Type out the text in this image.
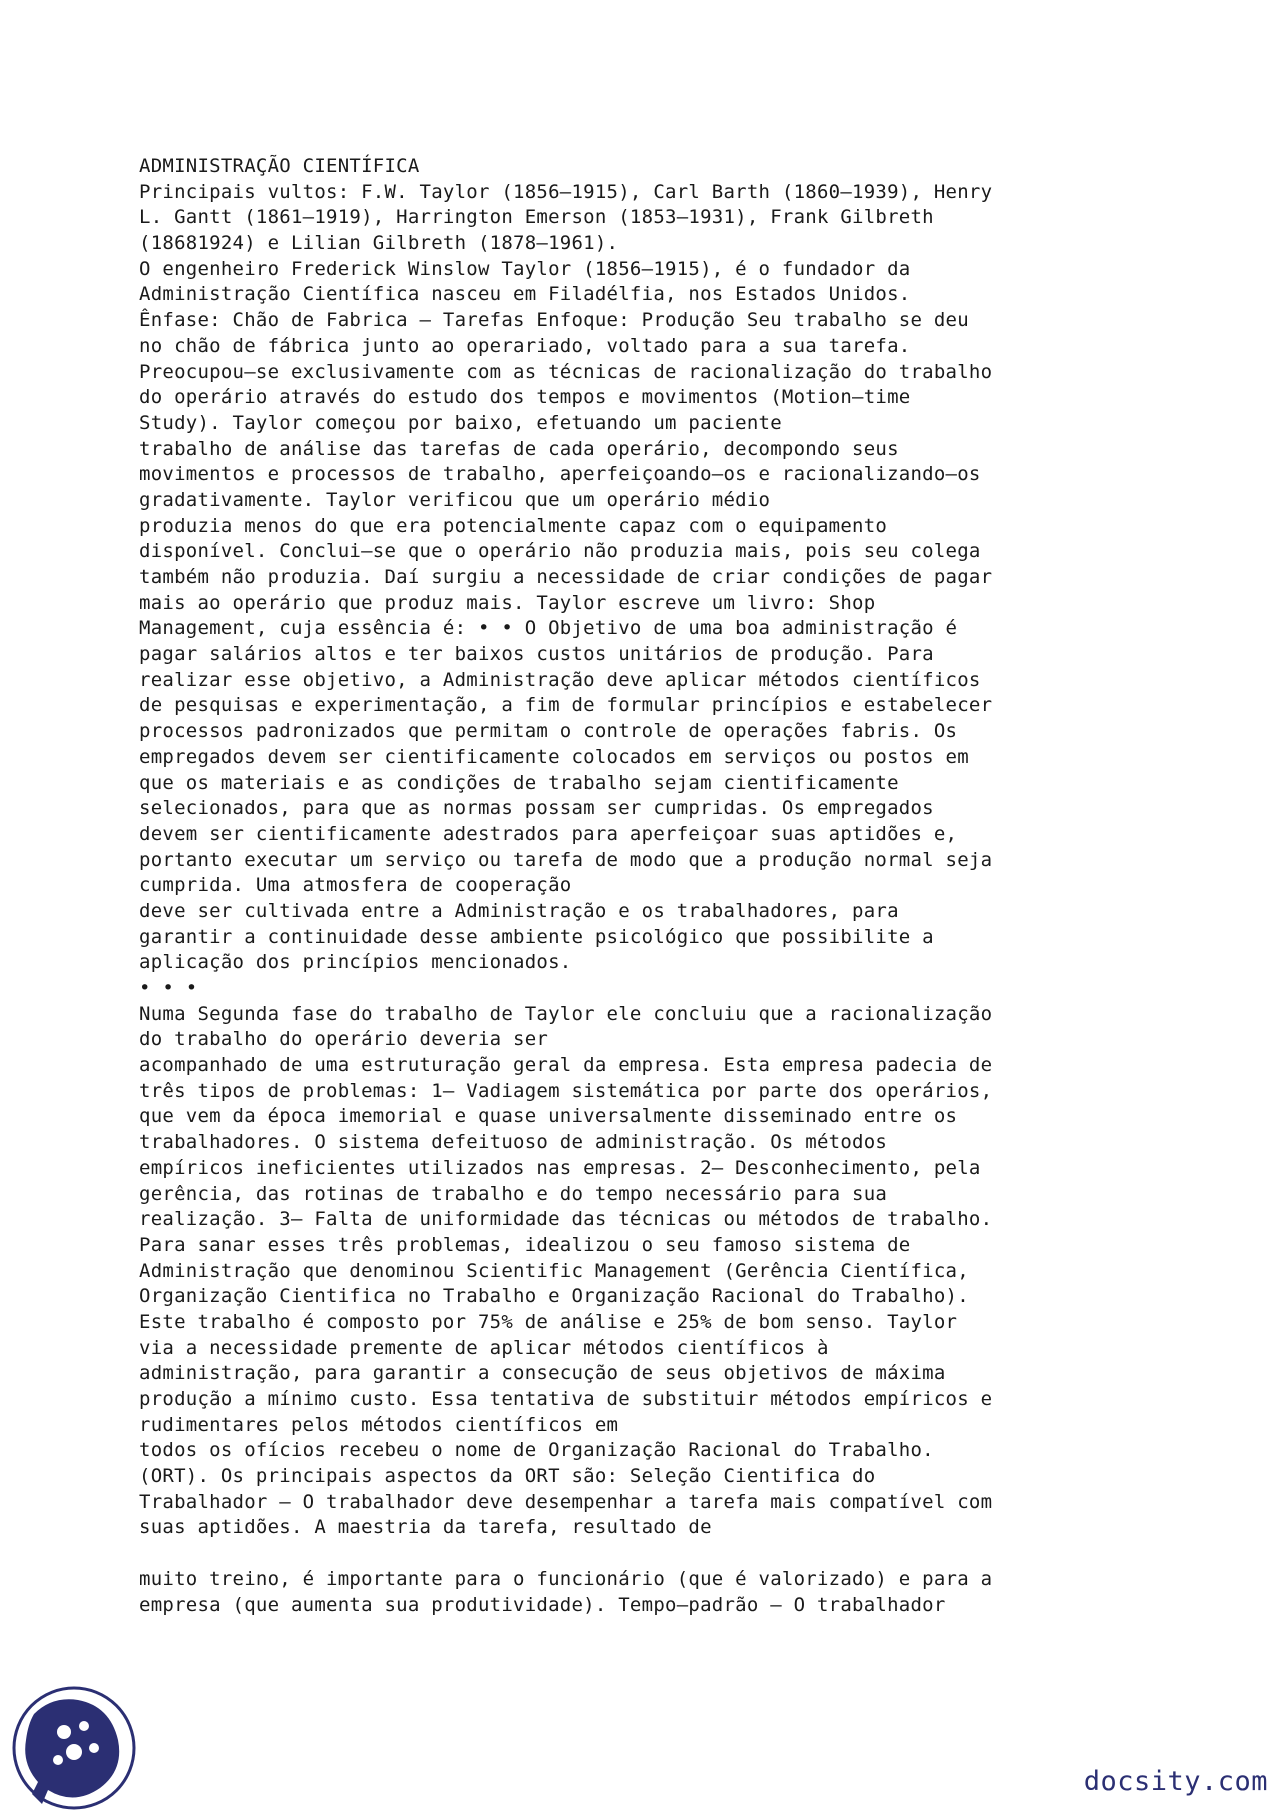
ADMINISTRAÇÃO CIENTÍFICA
Principais vultos: F.W. Taylor (1856–1915), Carl Barth (1860–1939), Henry
L. Gantt (1861–1919), Harrington Emerson (1853–1931), Frank Gilbreth
(18681924) e Lilian Gilbreth (1878–1961).
O engenheiro Frederick Winslow Taylor (1856–1915), é o fundador da
Administração Científica nasceu em Filadélfia, nos Estados Unidos.
Ênfase: Chão de Fabrica – Tarefas Enfoque: Produção Seu trabalho se deu
no chão de fábrica junto ao operariado, voltado para a sua tarefa.
Preocupou–se exclusivamente com as técnicas de racionalização do trabalho
do operário através do estudo dos tempos e movimentos (Motion–time
Study). Taylor começou por baixo, efetuando um paciente
trabalho de análise das tarefas de cada operário, decompondo seus
movimentos e processos de trabalho, aperfeiçoando–os e racionalizando–os
gradativamente. Taylor verificou que um operário médio
produzia menos do que era potencialmente capaz com o equipamento
disponível. Conclui–se que o operário não produzia mais, pois seu colega
também não produzia. Daí surgiu a necessidade de criar condições de pagar
mais ao operário que produz mais. Taylor escreve um livro: Shop
Management, cuja essência é: • • O Objetivo de uma boa administração é
pagar salários altos e ter baixos custos unitários de produção. Para
realizar esse objetivo, a Administração deve aplicar métodos científicos
de pesquisas e experimentação, a fim de formular princípios e estabelecer
processos padronizados que permitam o controle de operações fabris. Os
empregados devem ser cientificamente colocados em serviços ou postos em
que os materiais e as condições de trabalho sejam cientificamente
selecionados, para que as normas possam ser cumpridas. Os empregados
devem ser cientificamente adestrados para aperfeiçoar suas aptidões e,
portanto executar um serviço ou tarefa de modo que a produção normal seja
cumprida. Uma atmosfera de cooperação
deve ser cultivada entre a Administração e os trabalhadores, para
garantir a continuidade desse ambiente psicológico que possibilite a
aplicação dos princípios mencionados.
• • •
Numa Segunda fase do trabalho de Taylor ele concluiu que a racionalização
do trabalho do operário deveria ser
acompanhado de uma estruturação geral da empresa. Esta empresa padecia de
três tipos de problemas: 1– Vadiagem sistemática por parte dos operários,
que vem da época imemorial e quase universalmente disseminado entre os
trabalhadores. O sistema defeituoso de administração. Os métodos
empíricos ineficientes utilizados nas empresas. 2– Desconhecimento, pela
gerência, das rotinas de trabalho e do tempo necessário para sua
realização. 3– Falta de uniformidade das técnicas ou métodos de trabalho.
Para sanar esses três problemas, idealizou o seu famoso sistema de
Administração que denominou Scientific Management (Gerência Científica,
Organização Cientifica no Trabalho e Organização Racional do Trabalho).
Este trabalho é composto por 75% de análise e 25% de bom senso. Taylor
via a necessidade premente de aplicar métodos científicos à
administração, para garantir a consecução de seus objetivos de máxima
produção a mínimo custo. Essa tentativa de substituir métodos empíricos e
rudimentares pelos métodos científicos em
todos os ofícios recebeu o nome de Organização Racional do Trabalho.
(ORT). Os principais aspectos da ORT são: Seleção Cientifica do
Trabalhador – O trabalhador deve desempenhar a tarefa mais compatível com
suas aptidões. A maestria da tarefa, resultado de
muito treino, é importante para o funcionário (que é valorizado) e para a
empresa (que aumenta sua produtividade). Tempo–padrão – O trabalhador
docsity.com
